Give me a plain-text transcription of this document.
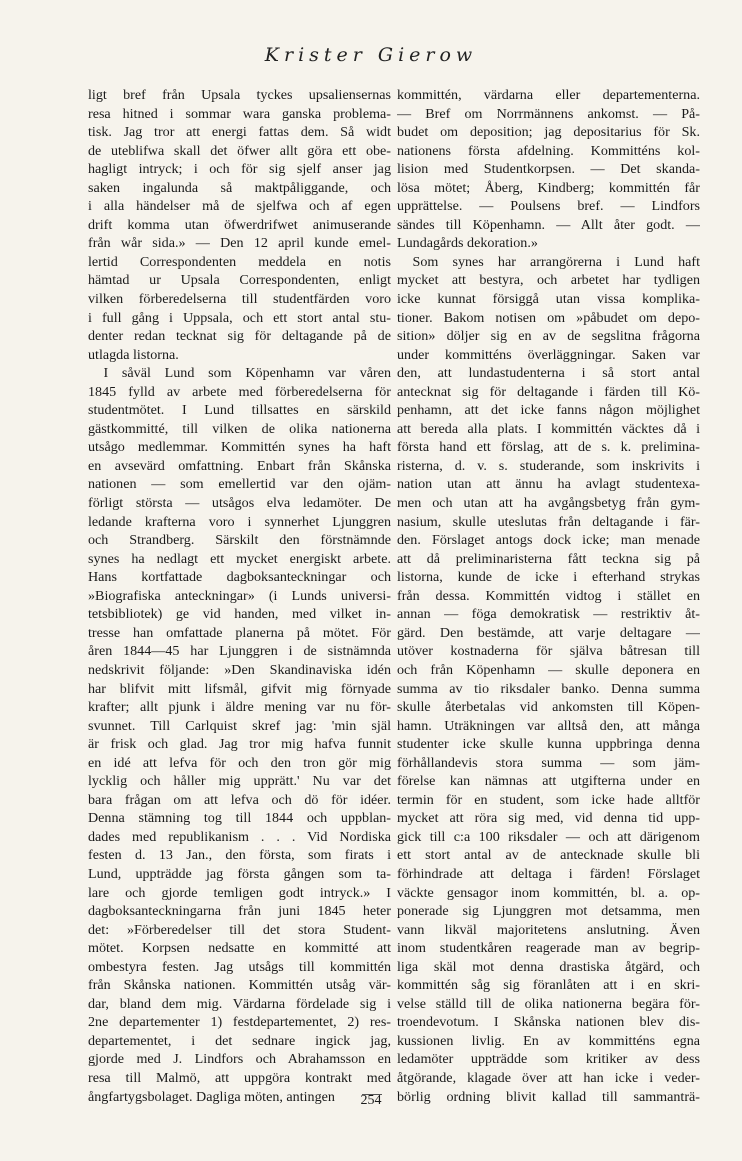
Krister Gierow
ligt bref från Upsala tyckes upsaliensernas
resa hitned i sommar wara ganska problema-
tisk. Jag tror att energi fattas dem. Så widt
de uteblifwa skall det öfwer allt göra ett obe-
hagligt intryck; i och för sig sjelf anser jag
saken ingalunda så maktpåliggande, och
i alla händelser må de sjelfwa och af egen
drift komma utan öfwerdrifwet animuserande
från wår sida.» — Den 12 april kunde emel-
lertid Correspondenten meddela en notis
hämtad ur Upsala Correspondenten, enligt
vilken förberedelserna till studentfärden voro
i full gång i Uppsala, och ett stort antal stu-
denter redan tecknat sig för deltagande på de
utlagda listorna.
I såväl Lund som Köpenhamn var våren
1845 fylld av arbete med förberedelserna för
studentmötet. I Lund tillsattes en särskild
gästkommitté, till vilken de olika nationerna
utsågo medlemmar. Kommittén synes ha haft
en avsevärd omfattning. Enbart från Skånska
nationen — som emellertid var den ojäm-
förligt största — utsågos elva ledamöter. De
ledande krafterna voro i synnerhet Ljunggren
och Strandberg. Särskilt den förstnämnde
synes ha nedlagt ett mycket energiskt arbete.
Hans kortfattade dagboksanteckningar och
»Biografiska anteckningar» (i Lunds universi-
tetsbibliotek) ge vid handen, med vilket in-
tresse han omfattade planerna på mötet. För
åren 1844—45 har Ljunggren i de sistnämnda
nedskrivit följande: »Den Skandinaviska idén
har blifvit mitt lifsmål, gifvit mig förnyade
krafter; allt pjunk i äldre mening var nu för-
svunnet. Till Carlquist skref jag: 'min själ
är frisk och glad. Jag tror mig hafva funnit
en idé att lefva för och den tron gör mig
lycklig och håller mig upprätt.' Nu var det
bara frågan om att lefva och dö för idéer.
Denna stämning tog till 1844 och uppblan-
dades med republikanism . . . Vid Nordiska
festen d. 13 Jan., den första, som firats i
Lund, uppträdde jag första gången som ta-
lare och gjorde temligen godt intryck.» I
dagboksanteckningarna från juni 1845 heter
det: »Förberedelser till det stora Student-
mötet. Korpsen nedsatte en kommitté att
ombestyra festen. Jag utsågs till kommittén
från Skånska nationen. Kommittén utsåg vär-
dar, bland dem mig. Värdarna fördelade sig i
2ne departementer 1) festdepartementet, 2) res-
departementet, i det sednare ingick jag,
gjorde med J. Lindfors och Abrahamsson en
resa till Malmö, att uppgöra kontrakt med
ångfartygsbolaget. Dagliga möten, antingen
kommittén, värdarna eller departementerna.
— Bref om Norrmännens ankomst. — På-
budet om deposition; jag depositarius för Sk.
nationens första afdelning. Kommitténs kol-
lision med Studentkorpsen. — Det skanda-
lösa mötet; Åberg, Kindberg; kommittén får
upprättelse. — Poulsens bref. — Lindfors
sändes till Köpenhamn. — Allt åter godt. —
Lundagårds dekoration.»
Som synes har arrangörerna i Lund haft
mycket att bestyra, och arbetet har tydligen
icke kunnat försiggå utan vissa komplika-
tioner. Bakom notisen om »påbudet om depo-
sition» döljer sig en av de segslitna frågorna
under kommitténs överläggningar. Saken var
den, att lundastudenterna i så stort antal
antecknat sig för deltagande i färden till Kö-
penhamn, att det icke fanns någon möjlighet
att bereda alla plats. I kommittén väcktes då i
första hand ett förslag, att de s. k. prelimina-
risterna, d. v. s. studerande, som inskrivits i
nation utan att ännu ha avlagt studentexa-
men och utan att ha avgångsbetyg från gym-
nasium, skulle uteslutas från deltagande i fär-
den. Förslaget antogs dock icke; man menade
att då preliminaristerna fått teckna sig på
listorna, kunde de icke i efterhand strykas
från dessa. Kommittén vidtog i stället en
annan — föga demokratisk — restriktiv åt-
gärd. Den bestämde, att varje deltagare —
utöver kostnaderna för själva båtresan till
och från Köpenhamn — skulle deponera en
summa av tio riksdaler banko. Denna summa
skulle återbetalas vid ankomsten till Köpen-
hamn. Uträkningen var alltså den, att många
studenter icke skulle kunna uppbringa denna
förhållandevis stora summa — som jäm-
förelse kan nämnas att utgifterna under en
termin för en student, som icke hade alltför
mycket att röra sig med, vid denna tid upp-
gick till c:a 100 riksdaler — och att därigenom
ett stort antal av de antecknade skulle bli
förhindrade att deltaga i färden! Förslaget
väckte gensagor inom kommittén, bl. a. op-
ponerade sig Ljunggren mot detsamma, men
vann likväl majoritetens anslutning. Även
inom studentkåren reagerade man av begrip-
liga skäl mot denna drastiska åtgärd, och
kommittén såg sig föranlåten att i en skri-
velse ställd till de olika nationerna begära för-
troendevotum. I Skånska nationen blev dis-
kussionen livlig. En av kommitténs egna
ledamöter uppträdde som kritiker av dess
åtgörande, klagade över att han icke i veder-
börlig ordning blivit kallad till sammanträ-
254
